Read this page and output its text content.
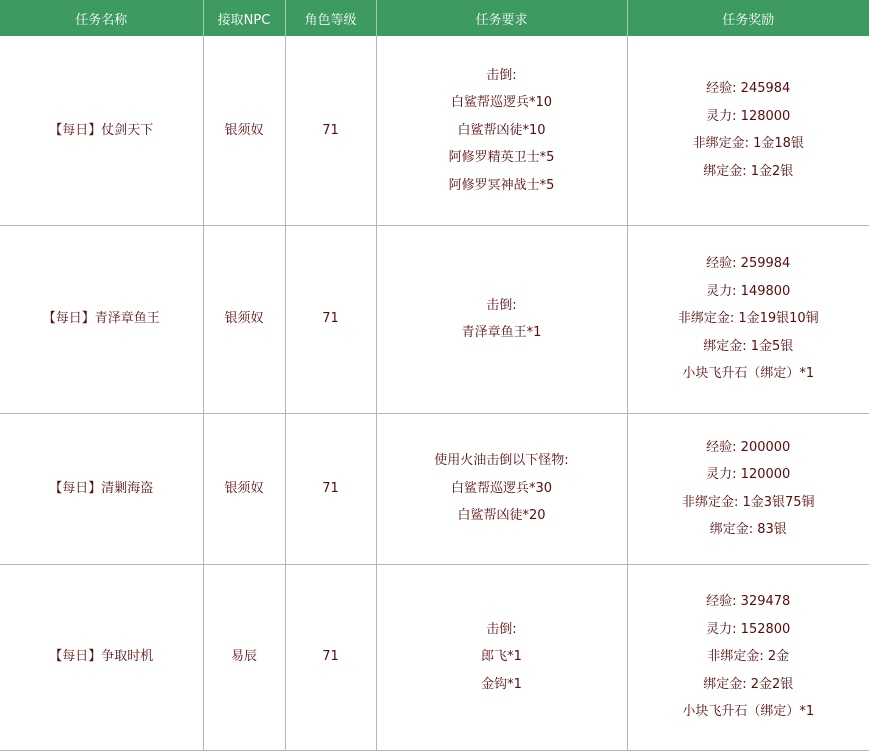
任务名称	接取NPC	角色等级	任务要求	任务奖励
【每日】仗剑天下	银须奴	71	击倒:
白鲨帮巡逻兵*10
白鲨帮凶徒*10
阿修罗精英卫士*5
阿修罗冥神战士*5	经验: 245984
灵力: 128000
非绑定金: 1金18银
绑定金: 1金2银

【每日】青泽章鱼王	银须奴	71	击倒:
青泽章鱼王*1	经验: 259984
灵力: 149800
非绑定金: 1金19银10铜
绑定金: 1金5银
小块飞升石（绑定）*1

【每日】清剿海盗	银须奴	71	使用火油击倒以下怪物:
白鲨帮巡逻兵*30
白鲨帮凶徒*20	经验: 200000
灵力: 120000
非绑定金: 1金3银75铜
绑定金: 83银

【每日】争取时机	易辰	71	击倒:
郎飞*1
金钩*1	经验: 329478
灵力: 152800
非绑定金: 2金
绑定金: 2金2银
小块飞升石（绑定）*1
